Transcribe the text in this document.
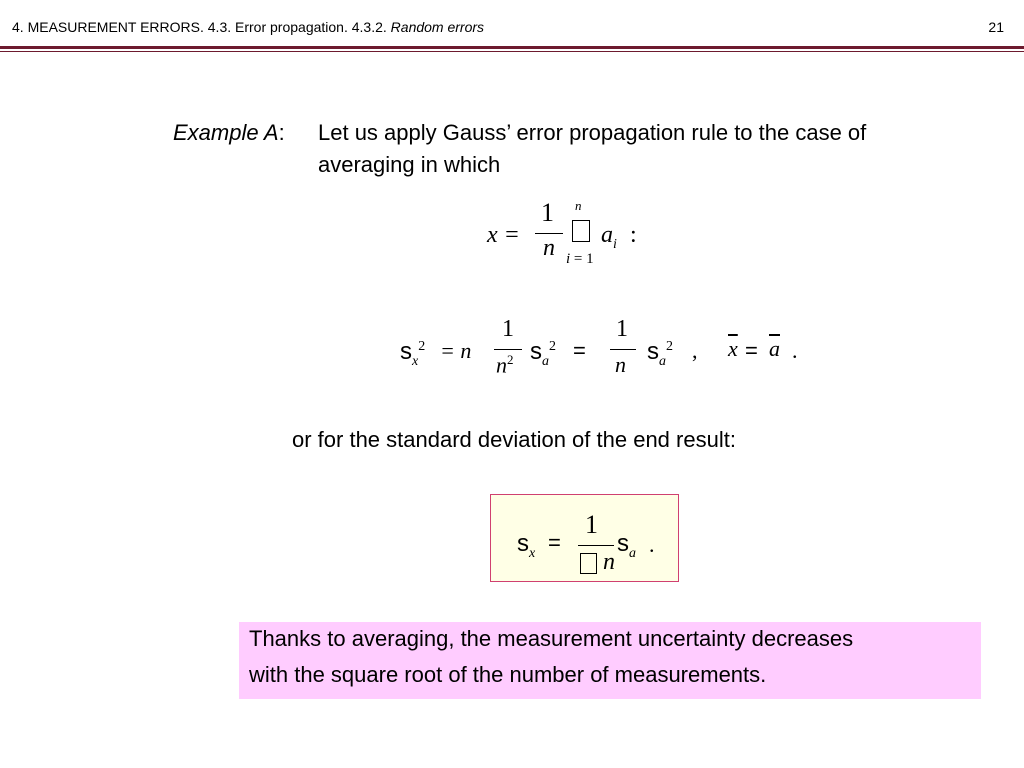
4. MEASUREMENT ERRORS. 4.3. Error propagation. 4.3.2. Random errors	21
Example A: Let us apply Gauss’ error propagation rule to the case of
averaging in which
x =
1
n
n
i = 1
$a_i$ :
$s_x^2 = n$
1
$n^2$ $s_a^2$ =
1
n $s_a^2$ , $\overline{x} = \overline{a}$ .
or for the standard deviation of the end result:
$s_x$ =
1
n
$s_a$ .
Thanks to averaging, the measurement uncertainty decreases
with the square root of the number of measurements.
